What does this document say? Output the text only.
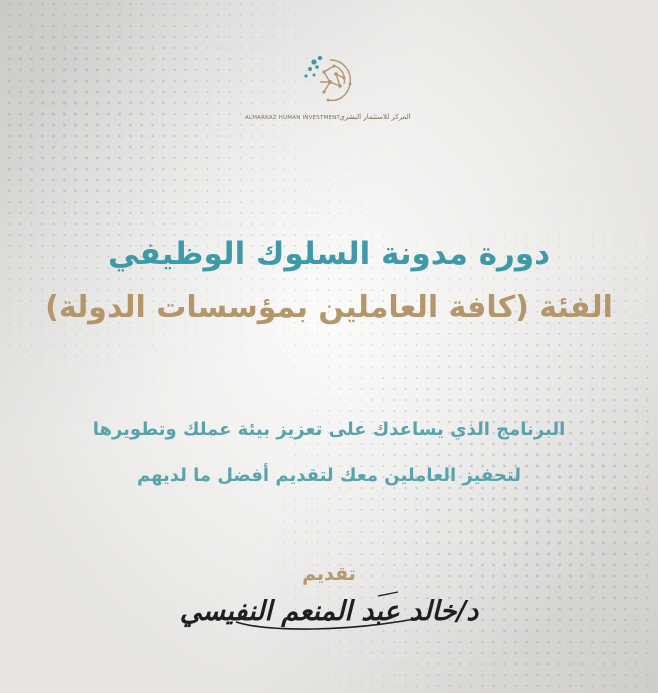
ALMARKAZ HUMAN INVESTMENT المركز للاستثمار البشري
دورة مدونة السلوك الوظيفي
الفئة (كافة العاملين بمؤسسات الدولة)
البرنامج الذي يساعدك على تعزيز بيئة عملك وتطويرها
لتحفيز العاملين معك لتقديم أفضل ما لديهم
تقديم
د/خالد عبد المنعم النفيسي
